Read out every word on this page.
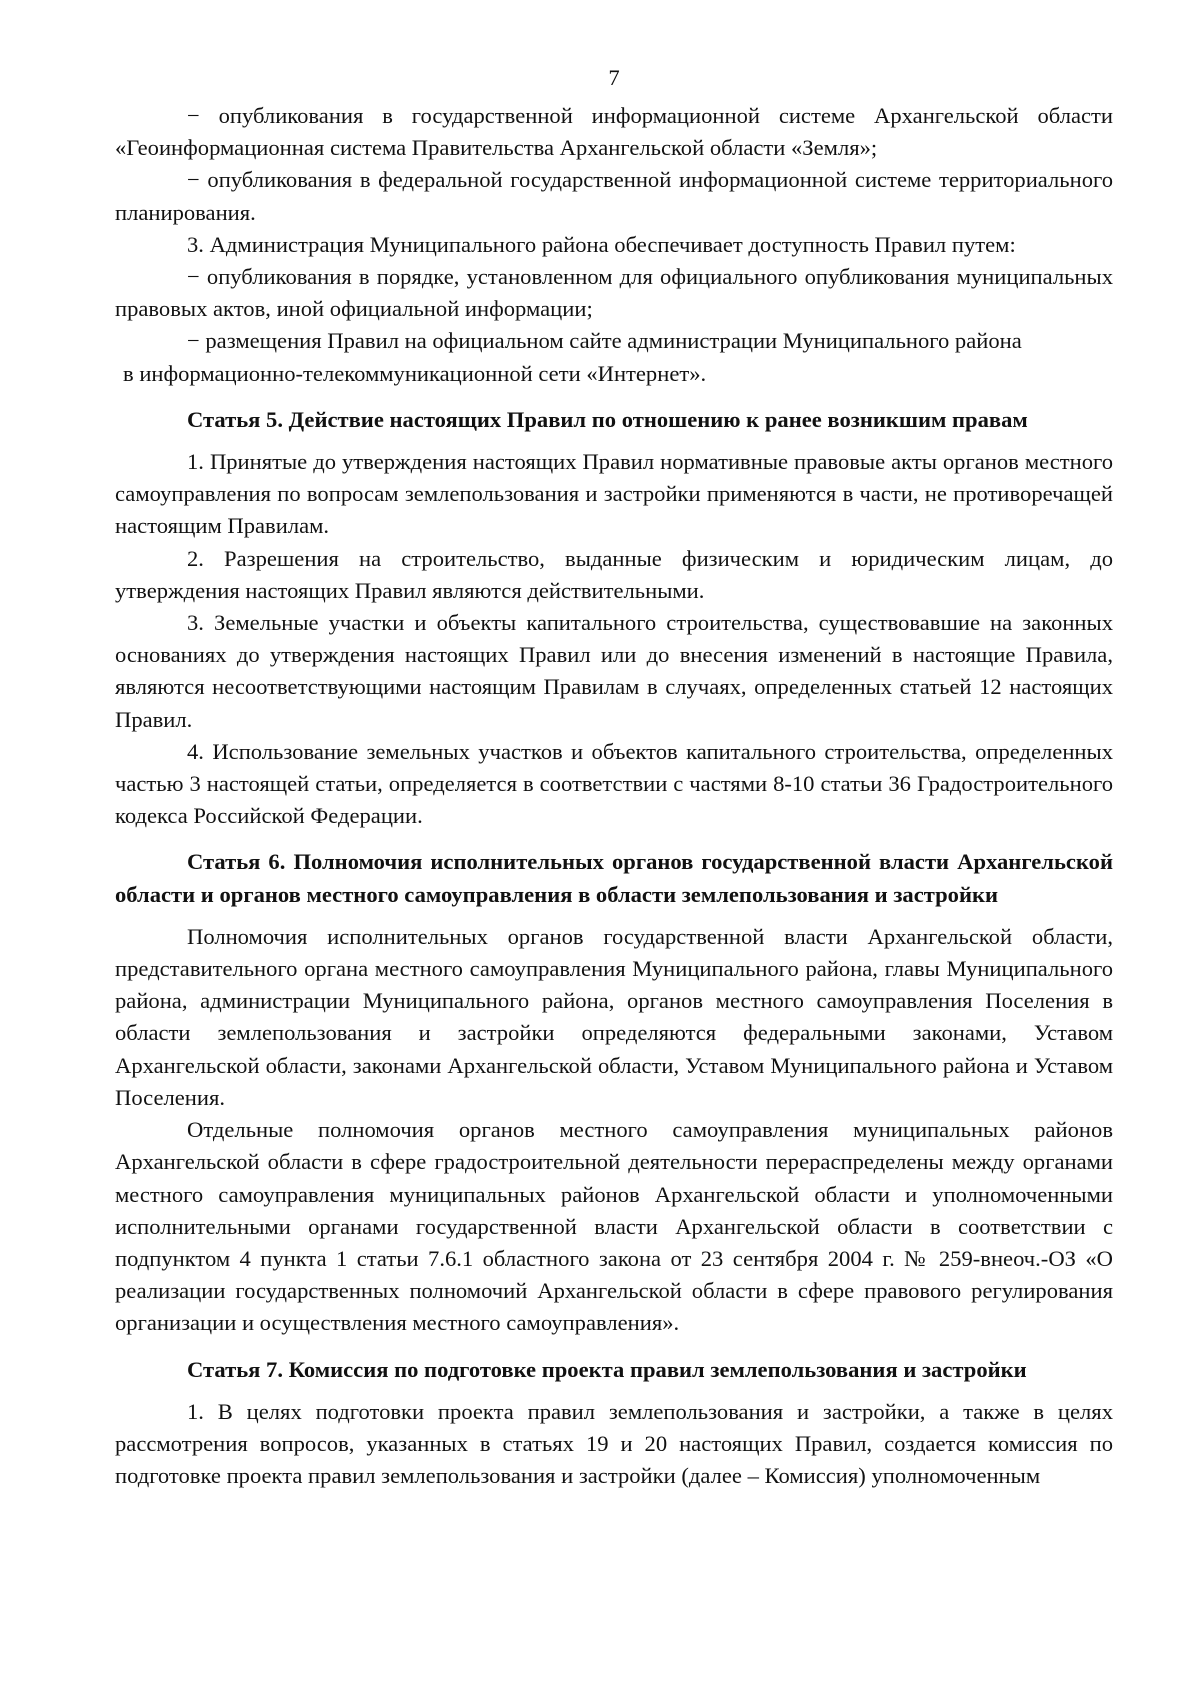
7

− опубликования в государственной информационной системе Архангельской области «Геоинформационная система Правительства Архангельской области «Земля»;

− опубликования в федеральной государственной информационной системе территориального планирования.

3. Администрация Муниципального района обеспечивает доступность Правил путем:

− опубликования в порядке, установленном для официального опубликования муниципальных правовых актов, иной официальной информации;

− размещения Правил на официальном сайте администрации Муниципального района

в информационно-телекоммуникационной сети «Интернет».

Статья 5. Действие настоящих Правил по отношению к ранее возникшим правам

1. Принятые до утверждения настоящих Правил нормативные правовые акты органов местного самоуправления по вопросам землепользования и застройки применяются в части, не противоречащей настоящим Правилам.

2. Разрешения на строительство, выданные физическим и юридическим лицам, до утверждения настоящих Правил являются действительными.

3. Земельные участки и объекты капитального строительства, существовавшие на законных основаниях до утверждения настоящих Правил или до внесения изменений в настоящие Правила, являются несоответствующими настоящим Правилам в случаях, определенных статьей 12 настоящих Правил.

4. Использование земельных участков и объектов капитального строительства, определенных частью 3 настоящей статьи, определяется в соответствии с частями 8-10 статьи 36 Градостроительного кодекса Российской Федерации.

Статья 6. Полномочия исполнительных органов государственной власти Архангельской области и органов местного самоуправления в области землепользования и застройки

Полномочия исполнительных органов государственной власти Архангельской области, представительного органа местного самоуправления Муниципального района, главы Муниципального района, администрации Муниципального района, органов местного самоуправления Поселения в области землепользования и застройки определяются федеральными законами, Уставом Архангельской области, законами Архангельской области, Уставом Муниципального района и Уставом Поселения.

Отдельные полномочия органов местного самоуправления муниципальных районов Архангельской области в сфере градостроительной деятельности перераспределены между органами местного самоуправления муниципальных районов Архангельской области и уполномоченными исполнительными органами государственной власти Архангельской области в соответствии с подпунктом 4 пункта 1 статьи 7.6.1 областного закона от 23 сентября 2004 г. № 259-внеоч.-ОЗ «О реализации государственных полномочий Архангельской области в сфере правового регулирования организации и осуществления местного самоуправления».

Статья 7. Комиссия по подготовке проекта правил землепользования и застройки

1. В целях подготовки проекта правил землепользования и застройки, а также в целях рассмотрения вопросов, указанных в статьях 19 и 20 настоящих Правил, создается комиссия по подготовке проекта правил землепользования и застройки (далее – Комиссия) уполномоченным
